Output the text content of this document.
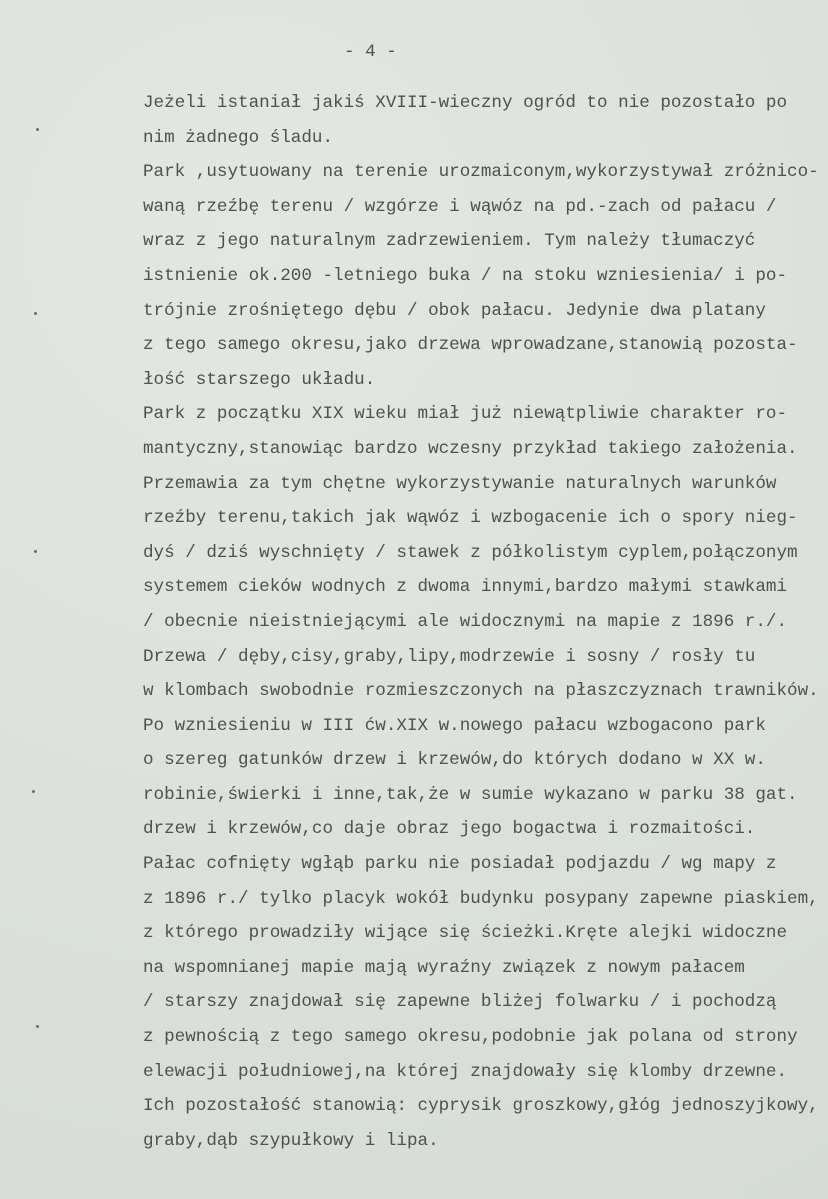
- 4 -
Jeżeli istaniał jakiś XVIII-wieczny ogród to nie pozostało po
nim żadnego śladu.
Park ,usytuowany na terenie urozmaiconym,wykorzystywał zróżnico-
waną rzeźbę terenu / wzgórze i wąwóz na pd.-zach od pałacu /
wraz z jego naturalnym zadrzewieniem. Tym należy tłumaczyć
istnienie ok.200 -letniego buka / na stoku wzniesienia/ i po-
trójnie zrośniętego dębu / obok pałacu. Jedynie dwa platany
z tego samego okresu,jako drzewa wprowadzane,stanowią pozosta-
łość starszego układu.
Park z początku XIX wieku miał już niewątpliwie charakter ro-
mantyczny,stanowiąc bardzo wczesny przykład takiego założenia.
Przemawia za tym chętne wykorzystywanie naturalnych warunków
rzeźby terenu,takich jak wąwóz i wzbogacenie ich o spory nieg-
dyś / dziś wyschnięty / stawek z półkolistym cyplem,połączonym
systemem cieków wodnych z dwoma innymi,bardzo małymi stawkami
/ obecnie nieistniejącymi ale widocznymi na mapie z 1896 r./.
Drzewa / dęby,cisy,graby,lipy,modrzewie i sosny / rosły tu
w klombach swobodnie rozmieszczonych na płaszczyznach trawników.
Po wzniesieniu w III ćw.XIX w.nowego pałacu wzbogacono park
o szereg gatunków drzew i krzewów,do których dodano w XX w.
robinie,świerki i inne,tak,że w sumie wykazano w parku 38 gat.
drzew i krzewów,co daje obraz jego bogactwa i rozmaitości.
Pałac cofnięty wgłąb parku nie posiadał podjazdu / wg mapy z
z 1896 r./ tylko placyk wokół budynku posypany zapewne piaskiem,
z którego prowadziły wijące się ścieżki.Kręte alejki widoczne
na wspomnianej mapie mają wyraźny związek z nowym pałacem
/ starszy znajdował się zapewne bliżej folwarku / i pochodzą
z pewnością z tego samego okresu,podobnie jak polana od strony
elewacji południowej,na której znajdowały się klomby drzewne.
Ich pozostałość stanowią: cyprysik groszkowy,głóg jednoszyjkowy,
graby,dąb szypułkowy i lipa.
